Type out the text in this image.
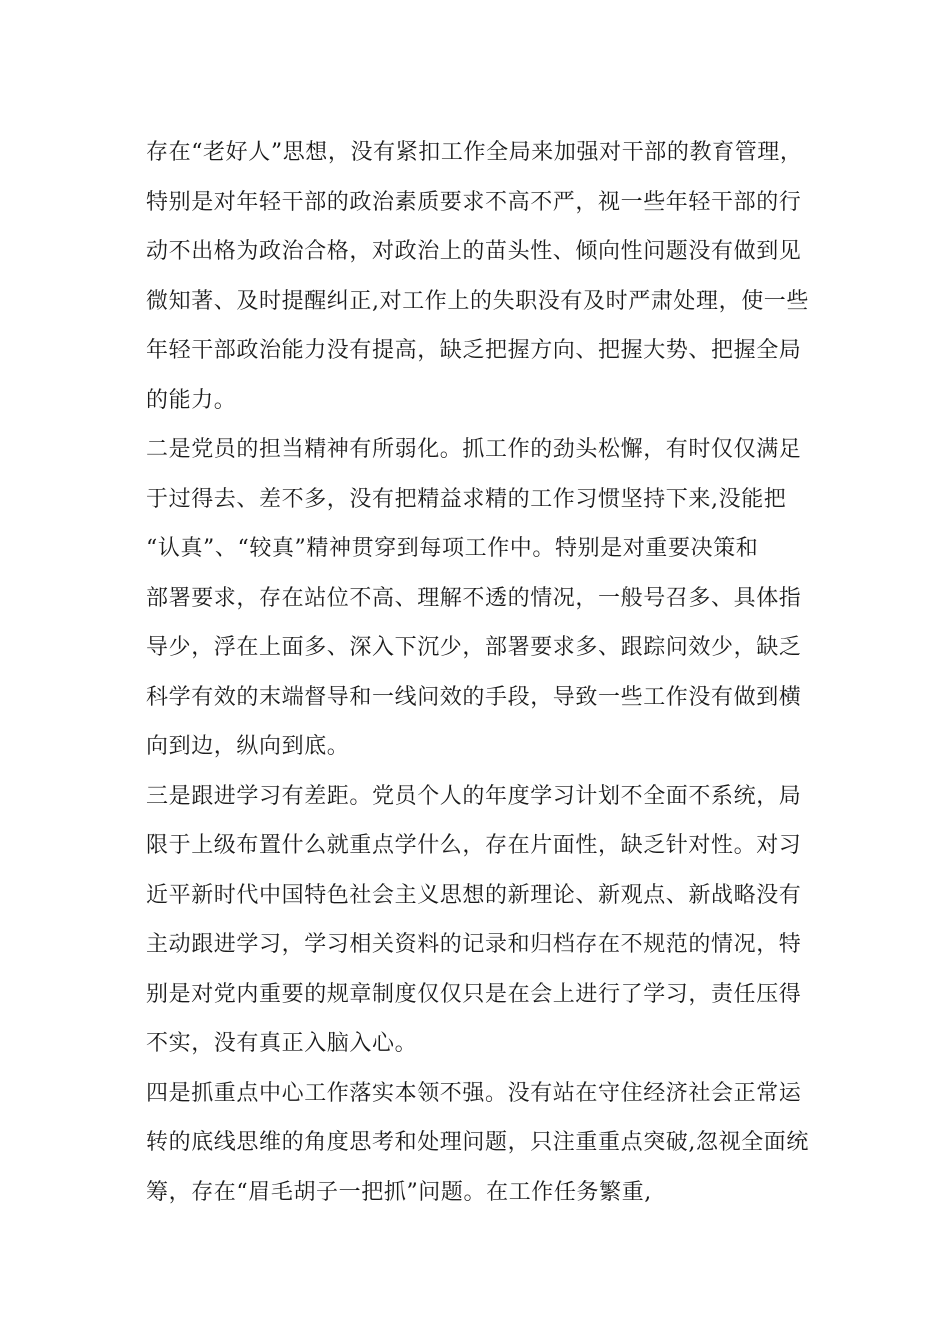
存在“老好人”思想，没有紧扣工作全局来加强对干部的教育管理，
特别是对年轻干部的政治素质要求不高不严，视一些年轻干部的行
动不出格为政治合格，对政治上的苗头性、倾向性问题没有做到见
微知著、及时提醒纠正,对工作上的失职没有及时严肃处理，使一些
年轻干部政治能力没有提高，缺乏把握方向、把握大势、把握全局
的能力。
二是党员的担当精神有所弱化。抓工作的劲头松懈，有时仅仅满足
于过得去、差不多，没有把精益求精的工作习惯坚持下来,没能把
“认真”、“较真”精神贯穿到每项工作中。特别是对重要决策和
部署要求，存在站位不高、理解不透的情况，一般号召多、具体指
导少，浮在上面多、深入下沉少，部署要求多、跟踪问效少，缺乏
科学有效的末端督导和一线问效的手段，导致一些工作没有做到横
向到边，纵向到底。
三是跟进学习有差距。党员个人的年度学习计划不全面不系统，局
限于上级布置什么就重点学什么，存在片面性，缺乏针对性。对习
近平新时代中国特色社会主义思想的新理论、新观点、新战略没有
主动跟进学习，学习相关资料的记录和归档存在不规范的情况，特
别是对党内重要的规章制度仅仅只是在会上进行了学习，责任压得
不实，没有真正入脑入心。
四是抓重点中心工作落实本领不强。没有站在守住经济社会正常运
转的底线思维的角度思考和处理问题，只注重重点突破,忽视全面统
筹，存在“眉毛胡子一把抓”问题。在工作任务繁重,
